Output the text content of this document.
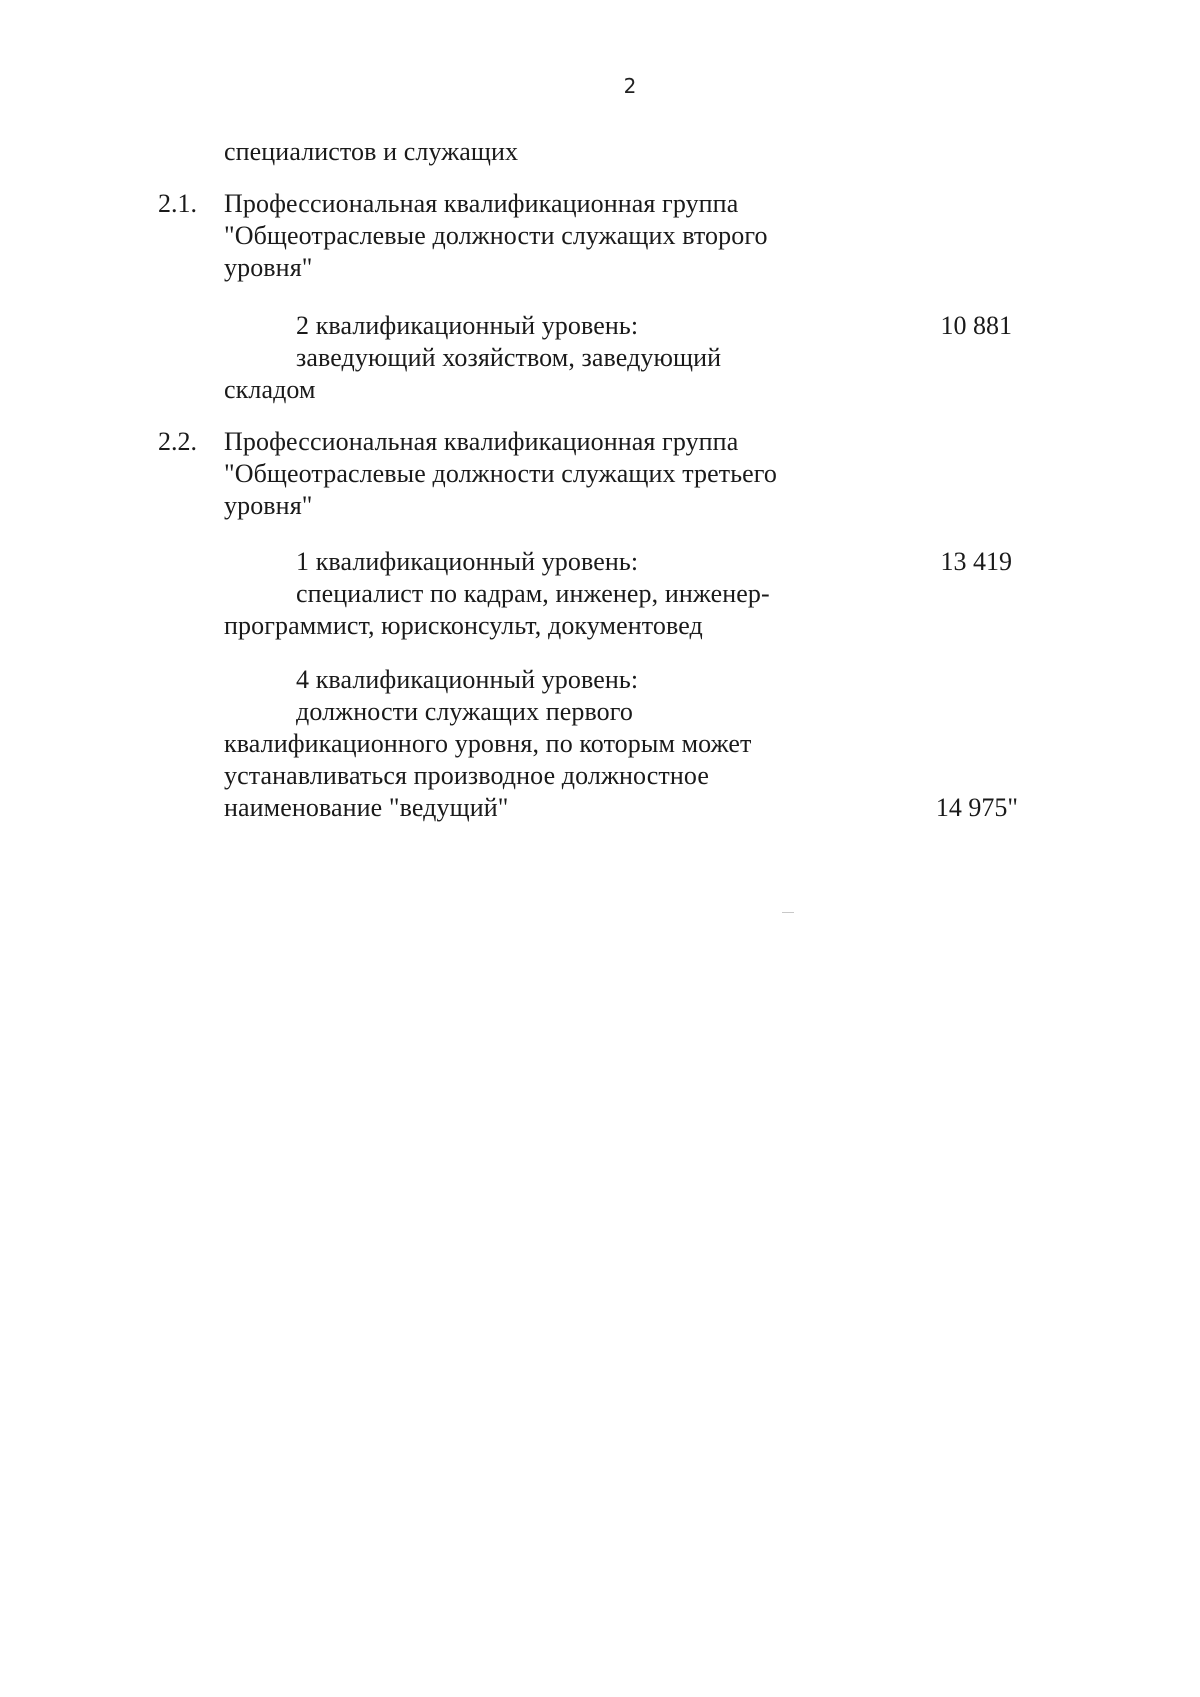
2
специалистов и служащих
2.1. Профессиональная квалификационная группа
"Общеотраслевые должности служащих второго
уровня"
2 квалификационный уровень:
заведующий хозяйством, заведующий
складом
10 881
2.2. Профессиональная квалификационная группа
"Общеотраслевые должности служащих третьего
уровня"
1 квалификационный уровень:
специалист по кадрам, инженер, инженер-
программист, юрисконсульт, документовед
13 419
4 квалификационный уровень:
должности служащих первого
квалификационного уровня, по которым может
устанавливаться производное должностное
наименование "ведущий"	14 975"
